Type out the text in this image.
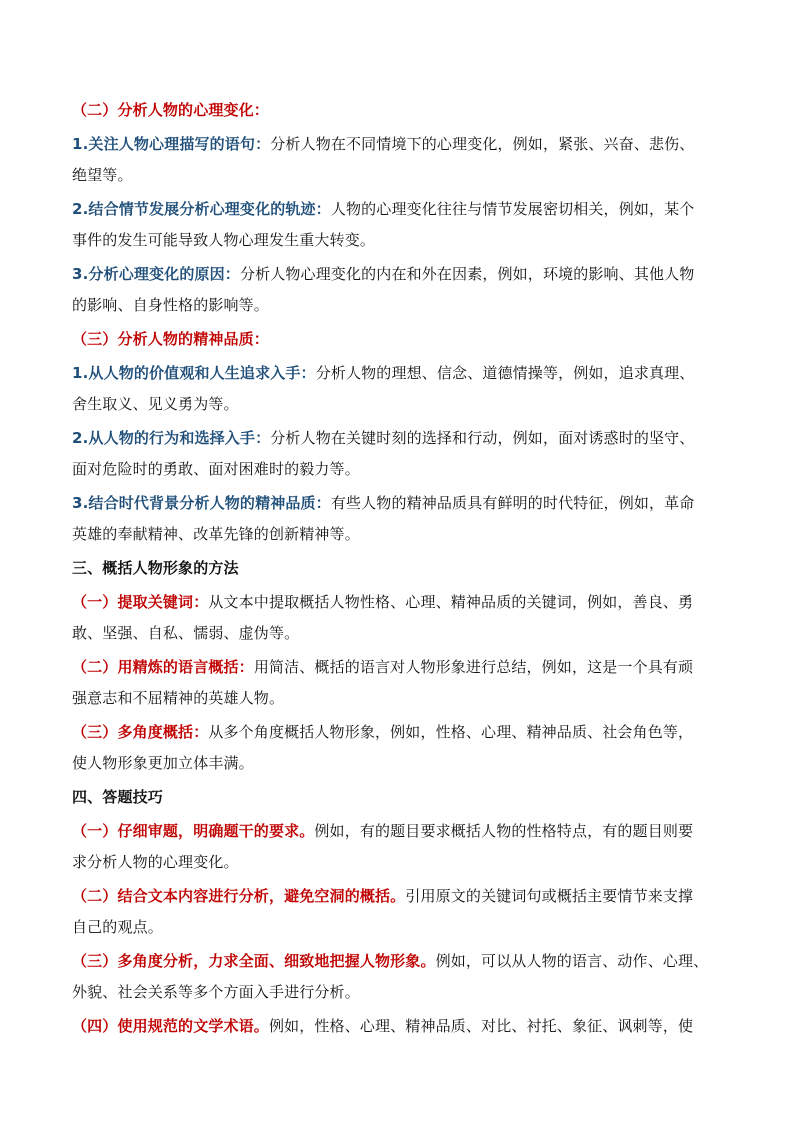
（二）分析人物的心理变化：
1.关注人物心理描写的语句：分析人物在不同情境下的心理变化，例如，紧张、兴奋、悲伤、
绝望等。
2.结合情节发展分析心理变化的轨迹：人物的心理变化往往与情节发展密切相关，例如，某个
事件的发生可能导致人物心理发生重大转变。
3.分析心理变化的原因：分析人物心理变化的内在和外在因素，例如，环境的影响、其他人物
的影响、自身性格的影响等。
（三）分析人物的精神品质：
1.从人物的价值观和人生追求入手：分析人物的理想、信念、道德情操等，例如，追求真理、
舍生取义、见义勇为等。
2.从人物的行为和选择入手：分析人物在关键时刻的选择和行动，例如，面对诱惑时的坚守、
面对危险时的勇敢、面对困难时的毅力等。
3.结合时代背景分析人物的精神品质：有些人物的精神品质具有鲜明的时代特征，例如，革命
英雄的奉献精神、改革先锋的创新精神等。
三、概括人物形象的方法
（一）提取关键词：从文本中提取概括人物性格、心理、精神品质的关键词，例如，善良、勇
敢、坚强、自私、懦弱、虚伪等。
（二）用精炼的语言概括：用简洁、概括的语言对人物形象进行总结，例如，这是一个具有顽
强意志和不屈精神的英雄人物。
（三）多角度概括：从多个角度概括人物形象，例如，性格、心理、精神品质、社会角色等，
使人物形象更加立体丰满。
四、答题技巧
（一）仔细审题，明确题干的要求。例如，有的题目要求概括人物的性格特点，有的题目则要
求分析人物的心理变化。
（二）结合文本内容进行分析，避免空洞的概括。引用原文的关键词句或概括主要情节来支撑
自己的观点。
（三）多角度分析，力求全面、细致地把握人物形象。例如，可以从人物的语言、动作、心理、
外貌、社会关系等多个方面入手进行分析。
（四）使用规范的文学术语。例如，性格、心理、精神品质、对比、衬托、象征、讽刺等，使
